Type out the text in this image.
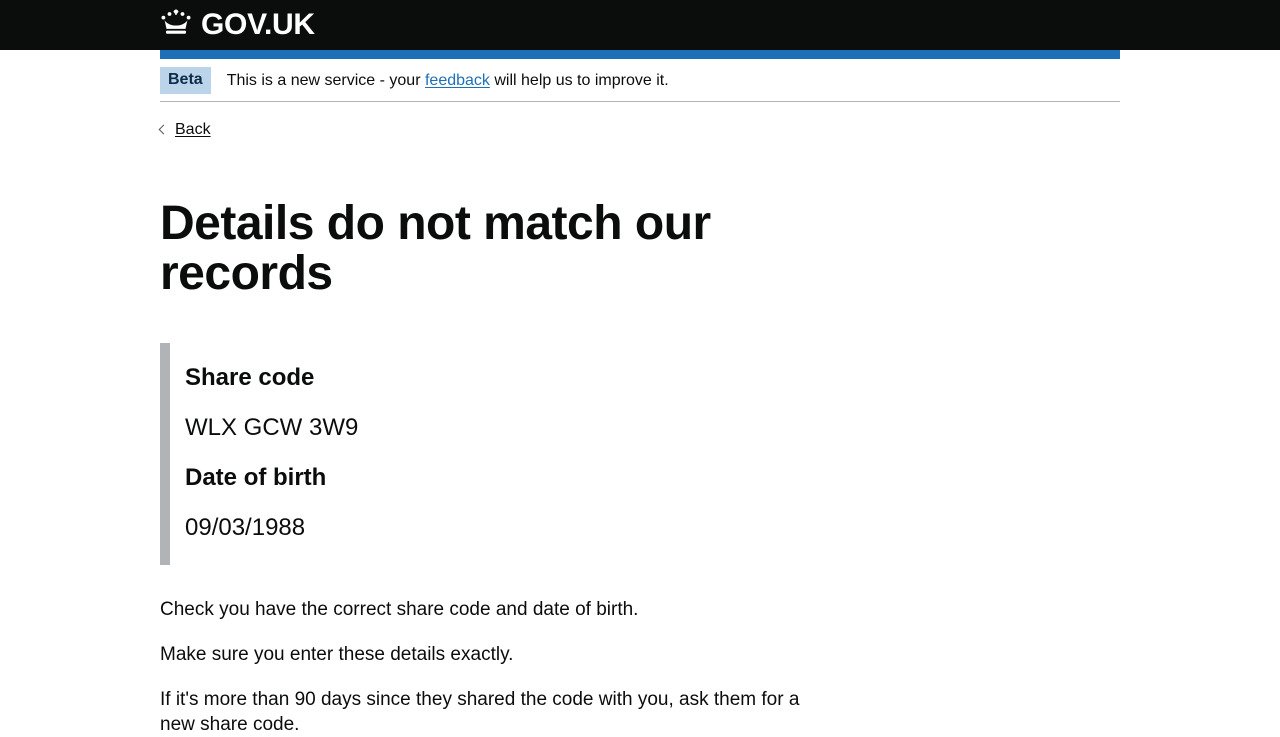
GOV.UK
Beta	This is a new service - your feedback will help us to improve it.
Back
Details do not match our records

Share code

WLX GCW 3W9

Date of birth

09/03/1988

Check you have the correct share code and date of birth.

Make sure you enter these details exactly.

If it's more than 90 days since they shared the code with you, ask them for a new share code.
